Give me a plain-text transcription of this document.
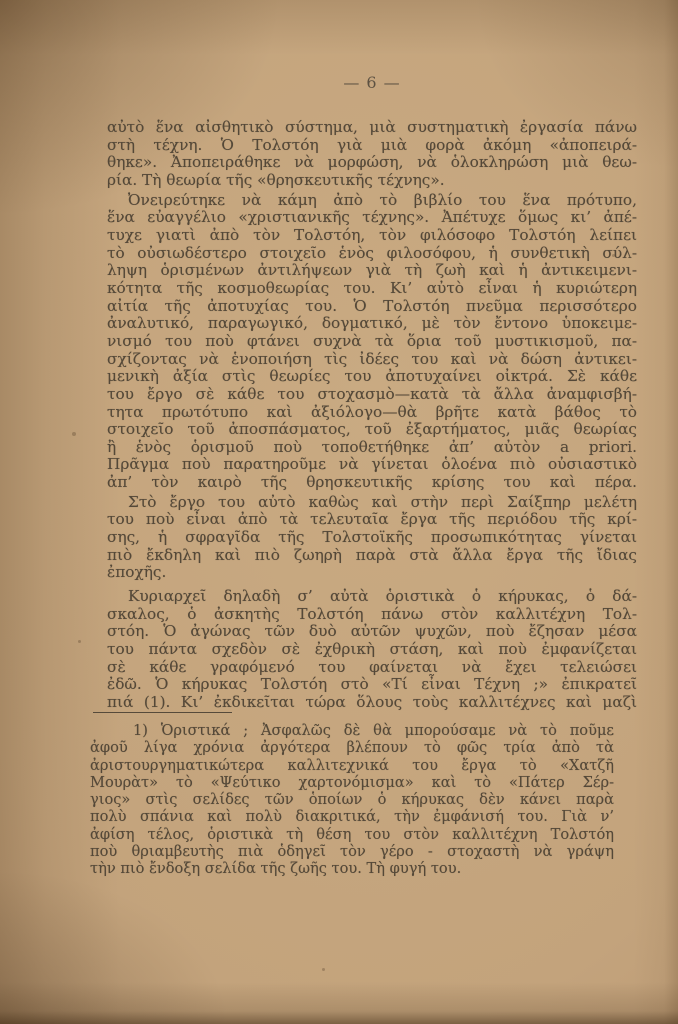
— 6 —
αὐτὸ ἕνα αἰσθητικὸ σύστημα, μιὰ συστηματικὴ ἐργασία πάνω
στὴ τέχνη. Ὁ Τολστόη γιὰ μιὰ φορὰ ἀκόμη «ἀποπειρά-
θηκε». Ἀποπειράθηκε νὰ μορφώση, νὰ ὁλοκληρώση μιὰ θεω-
ρία. Τὴ θεωρία τῆς «θρησκευτικῆς τέχνης».
Ὀνειρεύτηκε νὰ κάμη ἀπὸ τὸ βιβλίο του ἕνα πρότυπο,
ἕνα εὐαγγέλιο «χριστιανικῆς τέχνης». Ἀπέτυχε ὅμως κι’ ἀπέ-
τυχε γιατὶ ἀπὸ τὸν Τολστόη, τὸν φιλόσοφο Τολστόη λείπει
τὸ οὐσιωδέστερο στοιχεῖο ἑνὸς φιλοσόφου, ἡ συνθετικὴ σύλ-
ληψη ὁρισμένων ἀντιλήψεων γιὰ τὴ ζωὴ καὶ ἡ ἀντικειμενι-
κότητα τῆς κοσμοθεωρίας του. Κι’ αὐτὸ εἶναι ἡ κυριώτερη
αἰτία τῆς ἀποτυχίας του. Ὁ Τολστόη πνεῦμα περισσότερο
ἀναλυτικό, παραγωγικό, δογματικό, μὲ τὸν ἔντονο ὑποκειμε-
νισμό του ποὺ φτάνει συχνὰ τὰ ὅρια τοῦ μυστικισμοῦ, πα-
σχίζοντας νὰ ἑνοποιήση τὶς ἰδέες του καὶ νὰ δώση ἀντικει-
μενικὴ ἀξία στὶς θεωρίες του ἀποτυχαίνει οἰκτρά. Σὲ κάθε
του ἔργο σὲ κάθε του στοχασμὸ—κατὰ τὰ ἄλλα ἀναμφισβή-
τητα πρωτότυπο καὶ ἀξιόλογο—θὰ βρῆτε κατὰ βάθος τὸ
στοιχεῖο τοῦ ἀποσπάσματος, τοῦ ἐξαρτήματος, μιᾶς θεωρίας
ἢ ἑνὸς ὁρισμοῦ ποὺ τοποθετήθηκε ἀπ’ αὐτὸν a priori.
Πρᾶγμα ποὺ παρατηροῦμε νὰ γίνεται ὁλοένα πιὸ οὐσιαστικὸ
ἀπ’ τὸν καιρὸ τῆς θρησκευτικῆς κρίσης του καὶ πέρα.
Στὸ ἔργο του αὐτὸ καθὼς καὶ στὴν περὶ Σαίξπηρ μελέτη
του ποὺ εἶναι ἀπὸ τὰ τελευταῖα ἔργα τῆς περιόδου τῆς κρί-
σης, ἡ σφραγῖδα τῆς Τολστοϊκῆς προσωπικότητας γίνεται
πιὸ ἔκδηλη καὶ πιὸ ζωηρὴ παρὰ στὰ ἄλλα ἔργα τῆς ἴδιας
ἐποχῆς.
Κυριαρχεῖ δηλαδὴ σ’ αὐτὰ ὁριστικὰ ὁ κήρυκας, ὁ δά-
σκαλος, ὁ ἀσκητὴς Τολστόη πάνω στὸν καλλιτέχνη Τολ-
στόη. Ὁ ἀγώνας τῶν δυὸ αὐτῶν ψυχῶν, ποὺ ἔζησαν μέσα
του πάντα σχεδὸν σὲ ἐχθρικὴ στάση, καὶ ποὺ ἐμφανίζεται
σὲ κάθε γραφόμενό του φαίνεται νὰ ἔχει τελειώσει
ἐδῶ. Ὁ κήρυκας Τολστόη στὸ «Τί εἶναι Τέχνη ;» ἐπικρατεῖ
πιά (1). Κι’ ἐκδικεῖται τώρα ὅλους τοὺς καλλιτέχνες καὶ μαζὶ
1) Ὁριστικά ; Ἀσφαλῶς δὲ θὰ μπορούσαμε νὰ τὸ ποῦμε
ἀφοῦ λίγα χρόνια ἀργότερα βλέπουν τὸ φῶς τρία ἀπὸ τὰ
ἀριστουργηματικώτερα καλλιτεχνικά του ἔργα τὸ «Χατζῆ
Μουρὰτ» τὸ «Ψεύτικο χαρτονόμισμα» καὶ τὸ «Πάτερ Σέρ-
γιος» στὶς σελίδες τῶν ὁποίων ὁ κήρυκας δὲν κάνει παρὰ
πολὺ σπάνια καὶ πολὺ διακριτικά, τὴν ἐμφάνισή του. Γιὰ ν’
ἀφίση τέλος, ὁριστικὰ τὴ θέση του στὸν καλλιτέχνη Τολστόη
ποὺ θριαμβευτὴς πιὰ ὁδηγεῖ τὸν γέρο - στοχαστὴ νὰ γράψη
τὴν πιὸ ἔνδοξη σελίδα τῆς ζωῆς του. Τὴ φυγή του.
